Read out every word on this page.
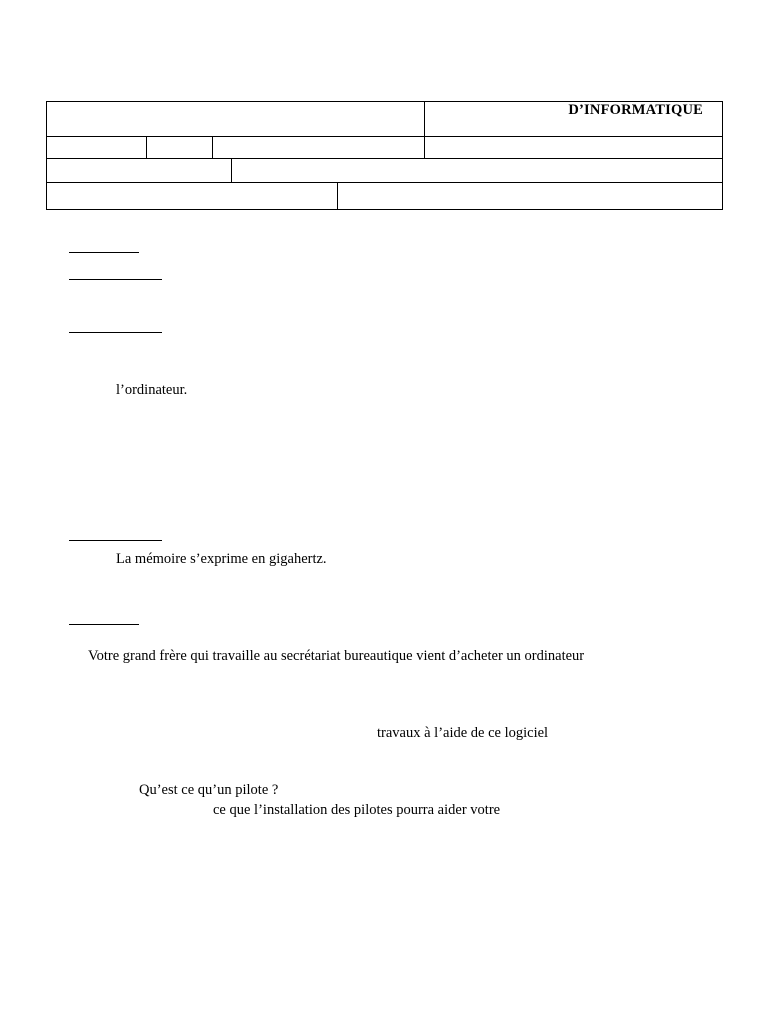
D’INFORMATIQUE
l’ordinateur.
La mémoire s’exprime en gigahertz.
Votre grand frère qui travaille au secrétariat bureautique vient d’acheter un ordinateur
travaux à l’aide de ce logiciel
Qu’est ce qu’un pilote ?
ce que l’installation des pilotes pourra aider votre
